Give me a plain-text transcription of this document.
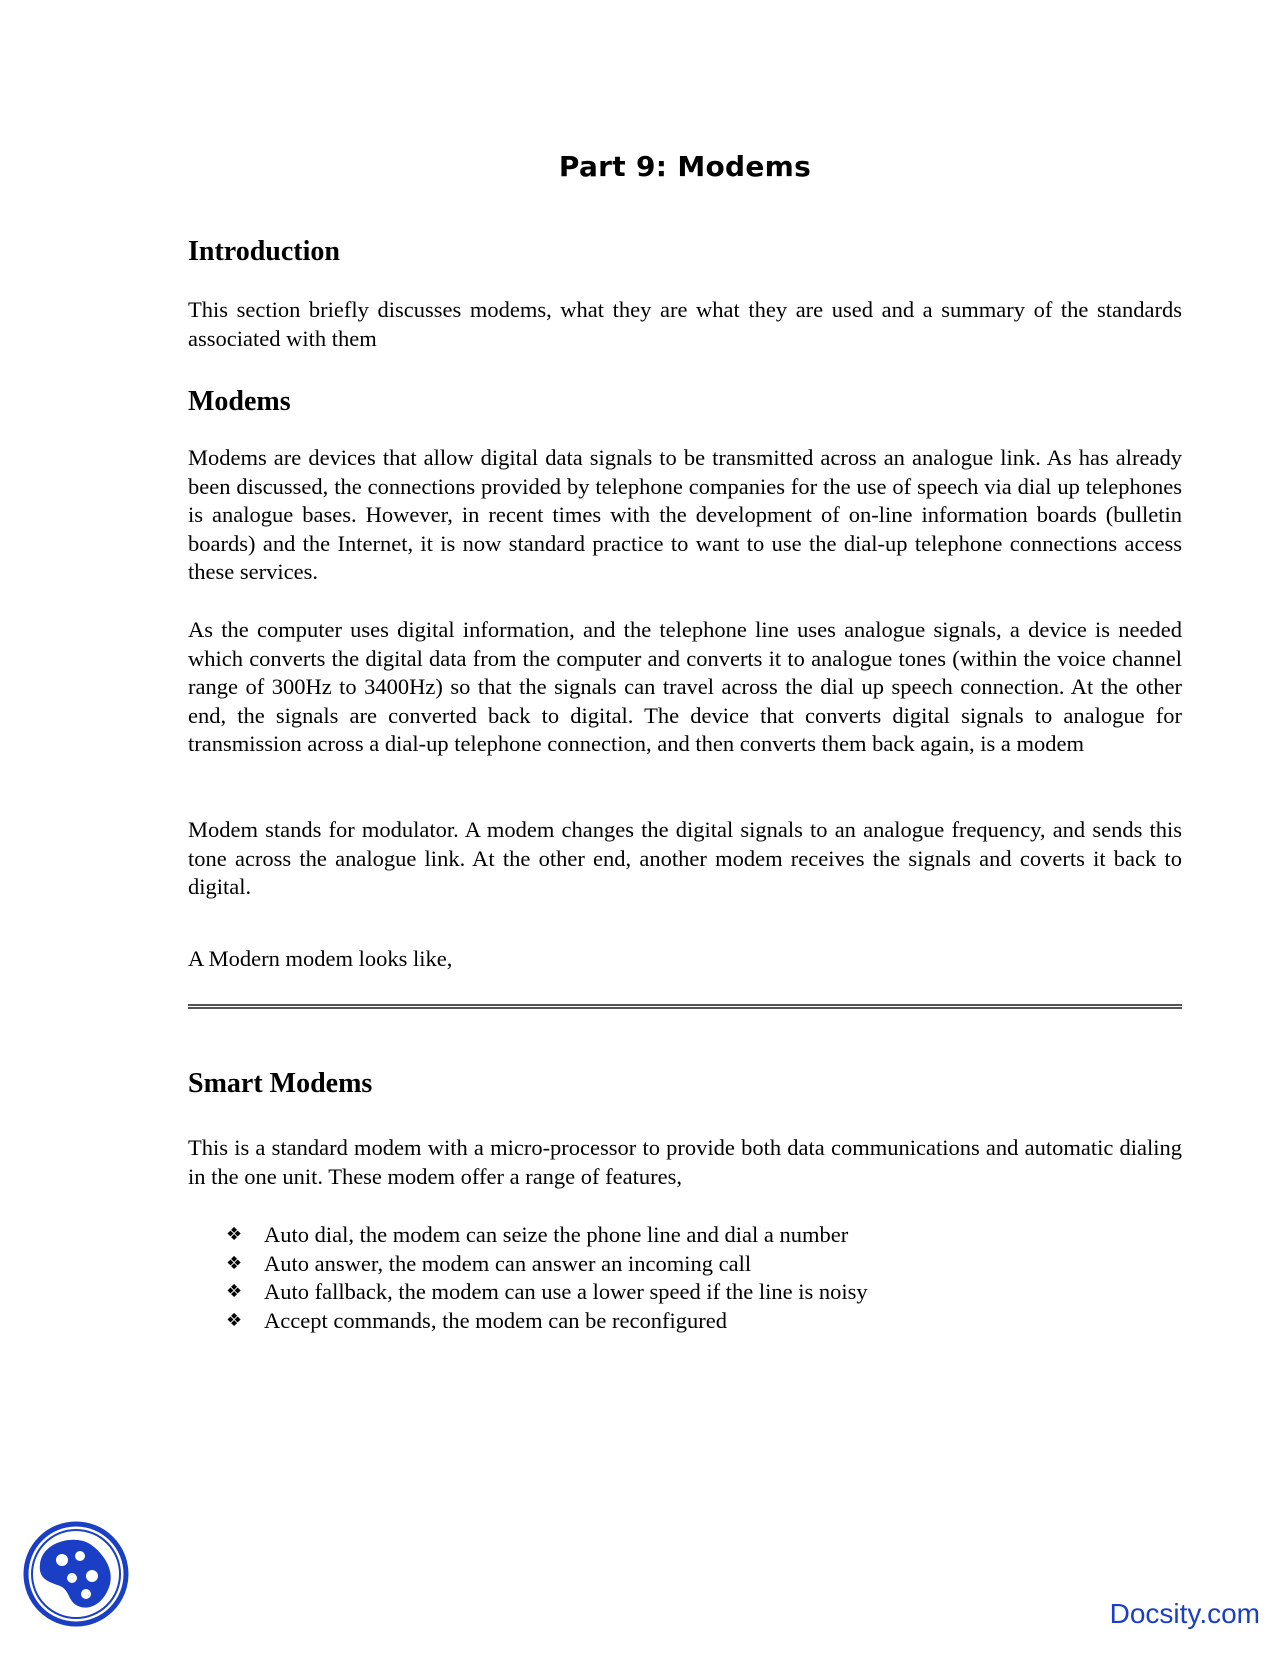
Part 9: Modems
Introduction

This section briefly discusses modems, what they are what they are used and a summary of the standards associated with them

Modems

Modems are devices that allow digital data signals to be transmitted across an analogue link. As has already been discussed, the connections provided by telephone companies for the use of speech via dial up telephones is analogue bases. However, in recent times with the development of on-line information boards (bulletin boards) and the Internet, it is now standard practice to want to use the dial-up telephone connections access these services.

As the computer uses digital information, and the telephone line uses analogue signals, a device is needed which converts the digital data from the computer and converts it to analogue tones (within the voice channel range of 300Hz to 3400Hz) so that the signals can travel across the dial up speech connection. At the other end, the signals are converted back to digital. The device that converts digital signals to analogue for transmission across a dial-up telephone connection, and then converts them back again, is a modem

Modem stands for modulator. A modem changes the digital signals to an analogue frequency, and sends this tone across the analogue link. At the other end, another modem receives the signals and coverts it back to digital.

A Modern modem looks like,

Smart Modems

This is a standard modem with a micro-processor to provide both data communications and automatic dialing in the one unit. These modem offer a range of features,

❖ Auto dial, the modem can seize the phone line and dial a number
❖ Auto answer, the modem can answer an incoming call
❖ Auto fallback, the modem can use a lower speed if the line is noisy
❖ Accept commands, the modem can be reconfigured
Docsity.com
